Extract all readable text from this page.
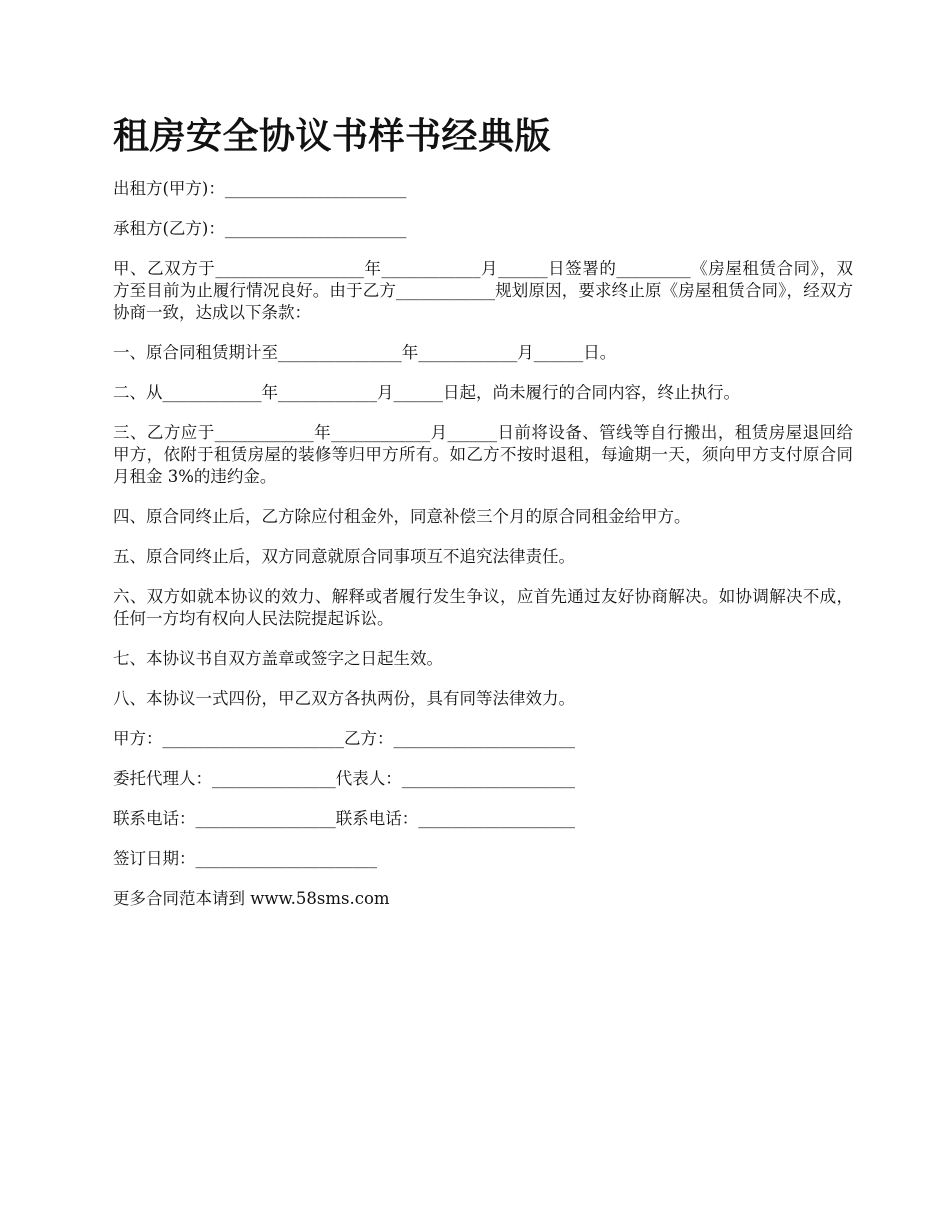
租房安全协议书样书经典版

出租方(甲方)：______________________

承租方(乙方)：______________________

甲、乙双方于__________________年____________月______日签署的_________《房屋租赁合同》，双方至目前为止履行情况良好。由于乙方____________规划原因，要求终止原《房屋租赁合同》，经双方协商一致，达成以下条款：

一、原合同租赁期计至_______________年____________月______日。

二、从____________年____________月______日起，尚未履行的合同内容，终止执行。

三、乙方应于____________年____________月______日前将设备、管线等自行搬出，租赁房屋退回给甲方，依附于租赁房屋的装修等归甲方所有。如乙方不按时退租，每逾期一天，须向甲方支付原合同月租金 3%的违约金。

四、原合同终止后，乙方除应付租金外，同意补偿三个月的原合同租金给甲方。

五、原合同终止后，双方同意就原合同事项互不追究法律责任。

六、双方如就本协议的效力、解释或者履行发生争议，应首先通过友好协商解决。如协调解决不成，任何一方均有权向人民法院提起诉讼。

七、本协议书自双方盖章或签字之日起生效。

八、本协议一式四份，甲乙双方各执两份，具有同等法律效力。

甲方：______________________乙方：______________________

委托代理人：_______________代表人：_____________________

联系电话：_________________联系电话：___________________

签订日期：______________________

更多合同范本请到 www.58sms.com
